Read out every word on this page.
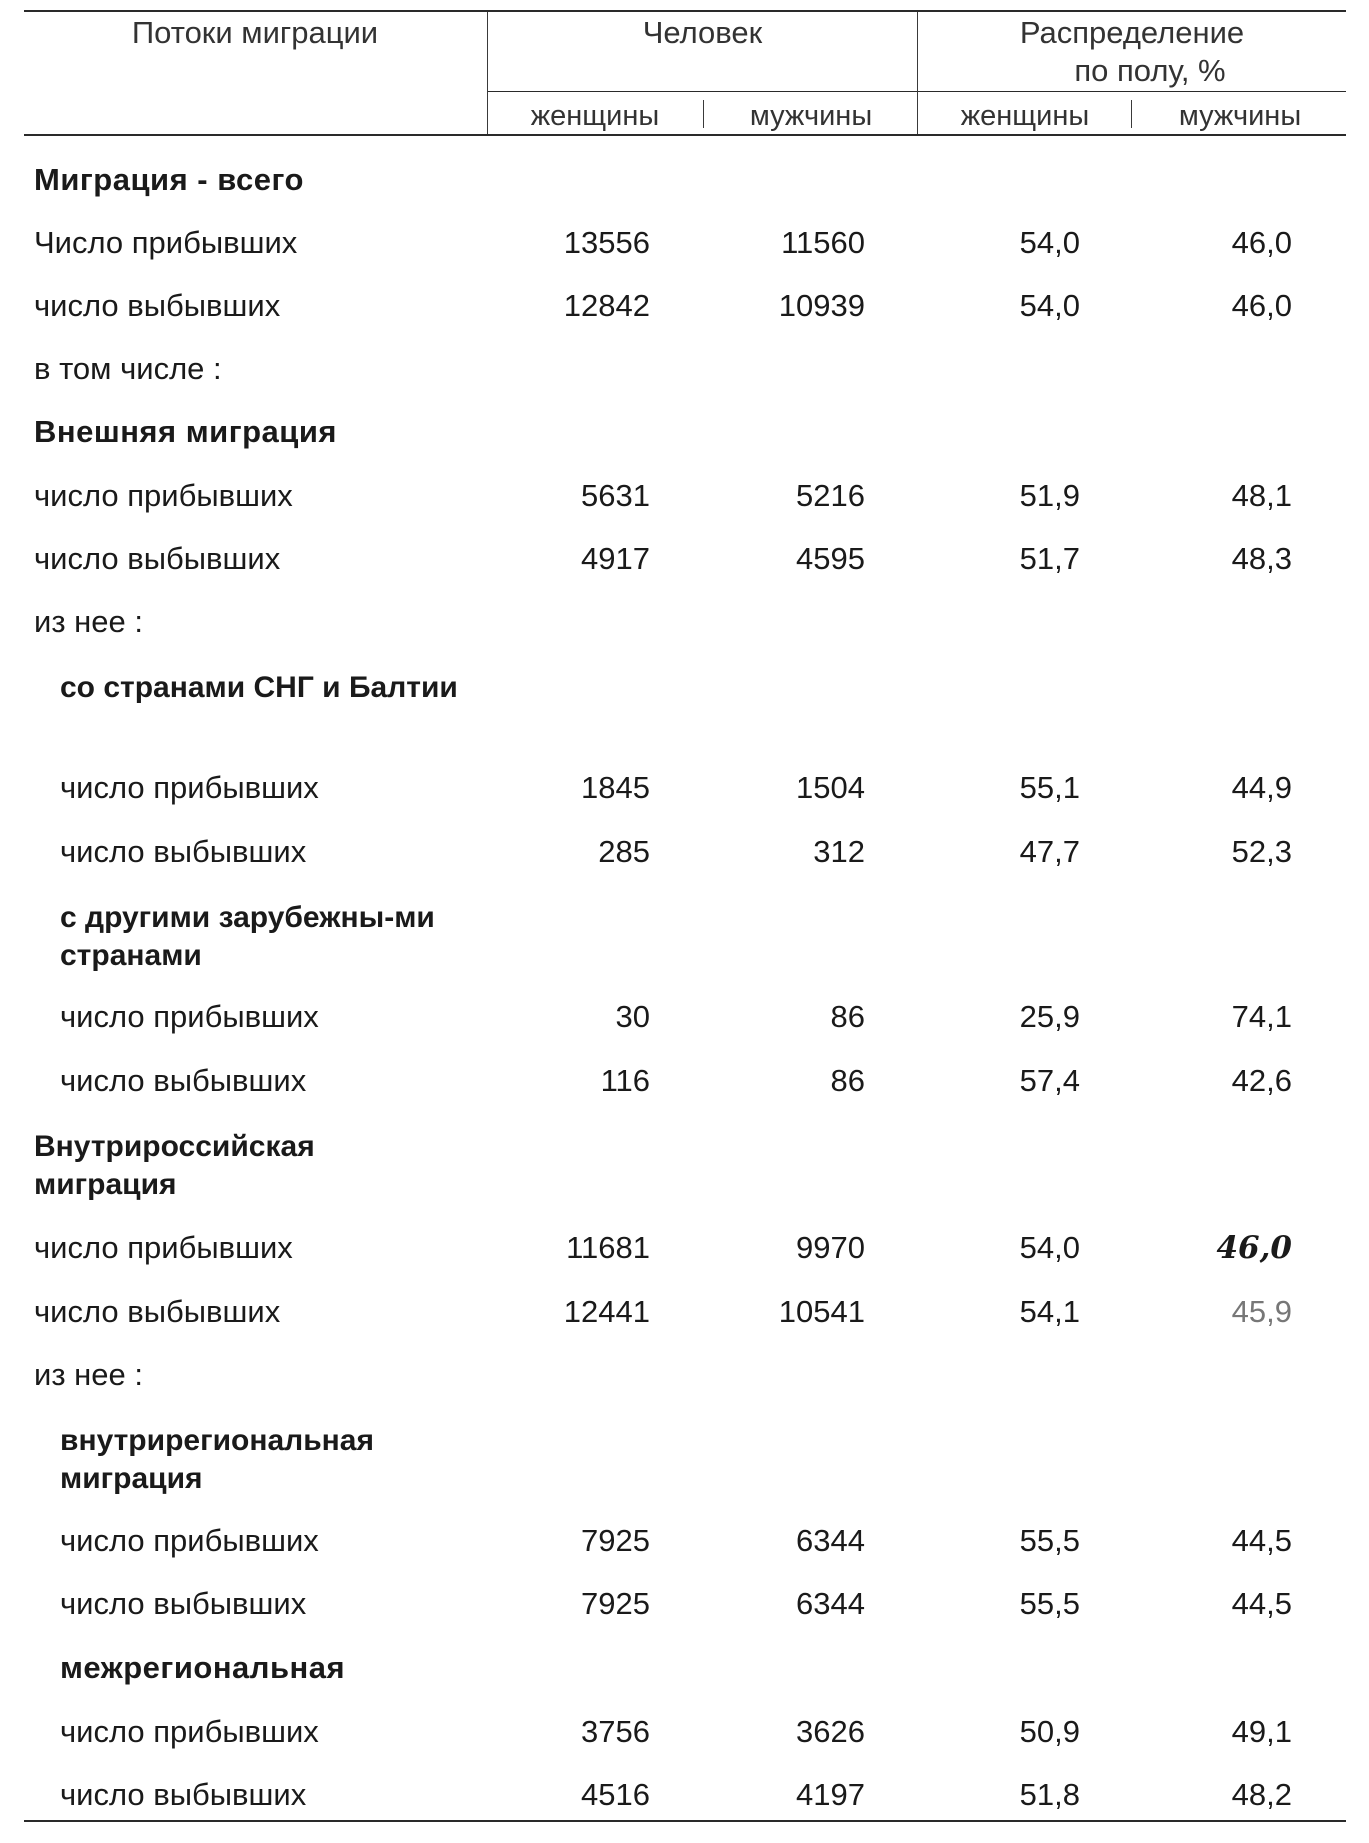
Потоки миграции	Человек	Распределение
по полу, %
женщины	мужчины	женщины	мужчины
Миграция - всего
Число прибывших	13556	11560	54,0	46,0
число выбывших	12842	10939	54,0	46,0
в том числе :
Внешняя миграция
число прибывших	5631	5216	51,9	48,1
число выбывших	4917	4595	51,7	48,3
из нее :
со странами СНГ и Балтии
число прибывших	1845	1504	55,1	44,9
число выбывших	285	312	47,7	52,3
с другими зарубежны-ми странами
число прибывших	30	86	25,9	74,1
число выбывших	116	86	57,4	42,6
Внутрироссийская миграция
число прибывших	11681	9970	54,0	46,0
число выбывших	12441	10541	54,1	45,9
из нее :
внутрирегиональная миграция
число прибывших	7925	6344	55,5	44,5
число выбывших	7925	6344	55,5	44,5
межрегиональная
число прибывших	3756	3626	50,9	49,1
число выбывших	4516	4197	51,8	48,2
